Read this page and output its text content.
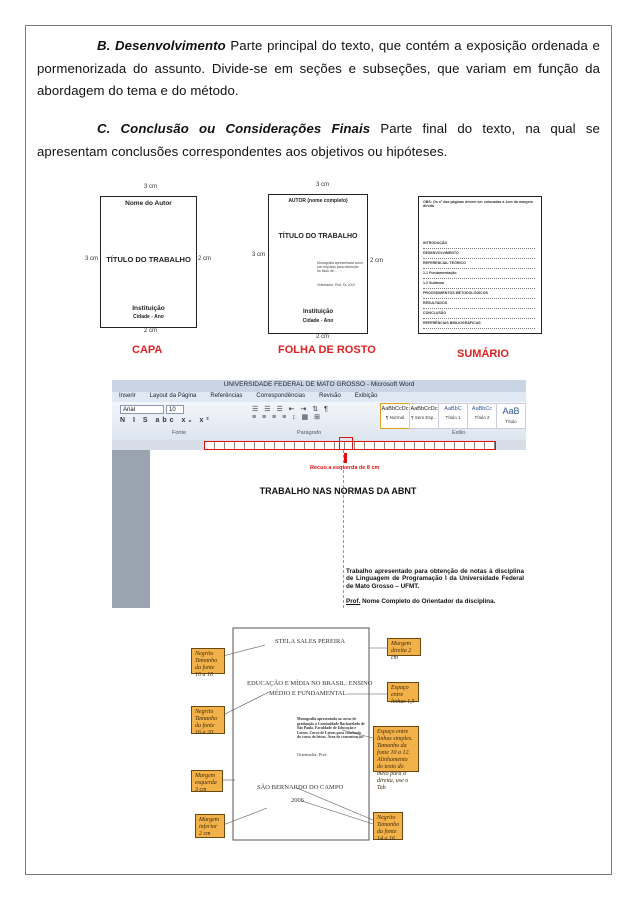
B. Desenvolvimento Parte principal do texto, que contém a exposição ordenada e pormenorizada do assunto. Divide-se em seções e subseções, que variam em função da abordagem do tema e do método.
C. Conclusão ou Considerações Finais Parte final do texto, na qual se apresentam conclusões correspondentes aos objetivos ou hipóteses.
3 cm
Nome do Autor
TÍTULO DO TRABALHO
Instituição
Cidade - Ano
3 cm	2 cm
2 cm
CAPA
3 cm
AUTOR (nome completo)
TÍTULO DO TRABALHO
Monografia apresentada como pré-requisito para obtenção do título de...
Orientador: Prof. Dr. XXX
Instituição
Cidade - Ano
3 cm
2 cm
2 cm
FOLHA DE ROSTO
OBS: Os nº das páginas devem ser colocadas a 1cm da margem direita
INTRODUÇÃO
DESENVOLVIMENTO
REFERENCIAL TEÓRICO
1.1 Fundamentação
1.2 Subtema
PROCEDIMENTOS METODOLÓGICOS
RESULTADOS
CONCLUSÃO
REFERÊNCIAS BIBLIOGRÁFICAS
SUMÁRIO
UNIVERSIDADE FEDERAL DE MATO GROSSO - Microsoft Word
Inserir Layout da Página Referências Correspondências Revisão Exibição
Arial	10
N I S abc x₂ x²
☰ ☰ ☰ ⇤ ⇥ ⇅ ¶
≡ ≡ ≡ ≡ ↕ ▦ ⊞
AaBbCcDc
¶ Normal
AaBbCcDc
¶ Sem Esp...
AaBbC
Título 1
AaBbCc
Título 2
AaB
Título
Fonte	Parágrafo	Estilo
Recuo a esquerda de 8 cm
TRABALHO NAS NORMAS DA ABNT
Trabalho apresentado para obtenção de notas à disciplina de Linguagem de Programação I da Universidade Federal de Mato Grosso – UFMT.
Prof. Nome Completo do Orientador da disciplina.
STELA SALES PEREIRA
EDUCAÇÃO E MÍDIA NO BRASIL: ENSINO
MÉDIO E FUNDAMENTAL
Monografia apresentada ao curso de graduação a Comunidade Bacharelado de São Paulo. Faculdade de Educação e Letras. Curso de Letras para conclusão do curso de letras. Área de concentração:
Orientador: Prof.
SÃO BERNARDO DO CAMPO
2006
Negrito Tamanho da fonte 16 a 18
Negrito Tamanho da fonte 16 a 20
Margem esquerda 3 cm
Margem inferior 2 cm
Margem direita 2 cm
Espaço entre linhas 1,5
Espaço entre linhas simples. Tamanho da fonte 10 a 12. Alinhamento do texto do meio para a direita, use o Tab
Negrito Tamanho da fonte 14 a 16
